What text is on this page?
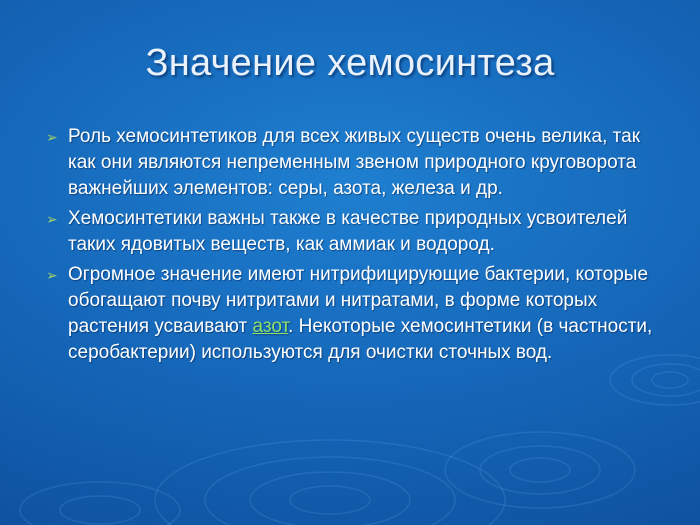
Значение хемосинтеза
➢ Роль хемосинтетиков для всех живых существ очень велика, так как они являются непременным звеном природного круговорота важнейших элементов: серы, азота, железа и др.
➢ Хемосинтетики важны также в качестве природных усвоителей таких ядовитых веществ, как аммиак и водород.
➢ Огромное значение имеют нитрифицирующие бактерии, которые обогащают почву нитритами и нитратами, в форме которых растения усваивают азот. Некоторые хемосинтетики (в частности, серобактерии) используются для очистки сточных вод.
